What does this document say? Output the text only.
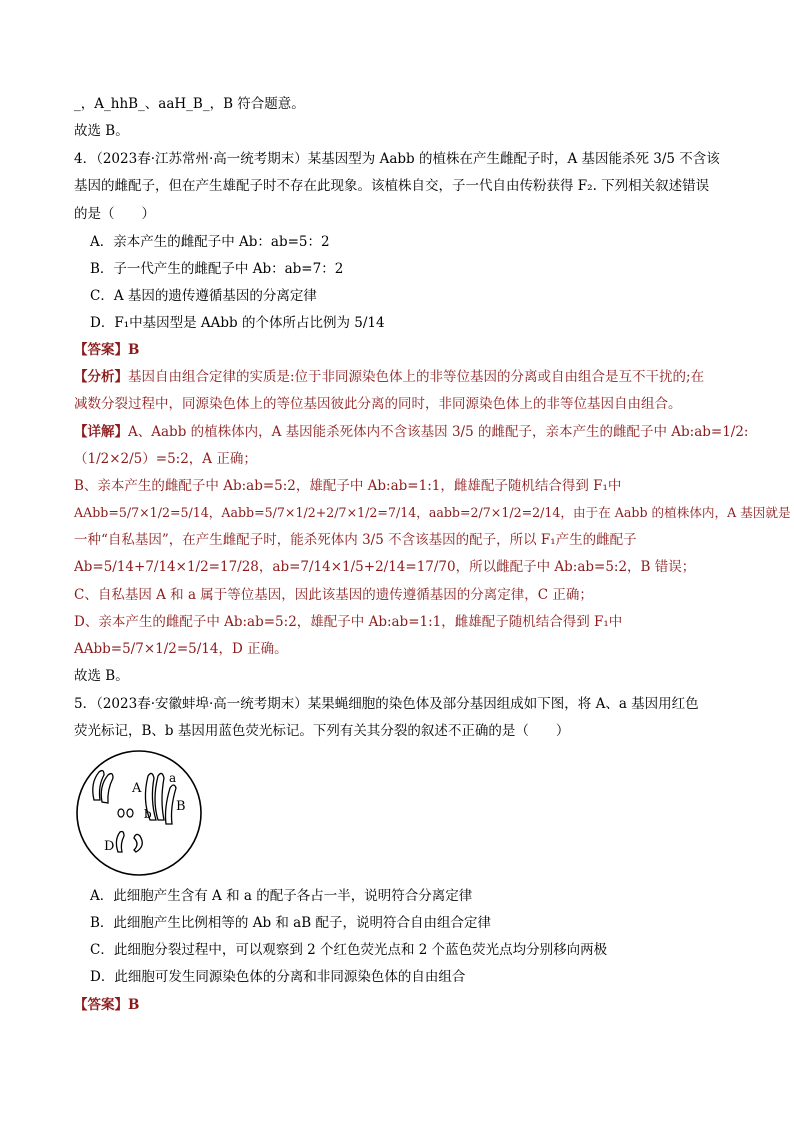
_，A_hhB_、aaH_B_，B 符合题意。
故选 B。
4．（2023春·江苏常州·高一统考期末）某基因型为 Aabb 的植株在产生雌配子时，A 基因能杀死 3/5 不含该
基因的雌配子，但在产生雄配子时不存在此现象。该植株自交，子一代自由传粉获得 F₂. 下列相关叙述错误
的是（　　）
A．亲本产生的雌配子中 Ab：ab=5：2
B．子一代产生的雌配子中 Ab：ab=7：2
C．A 基因的遗传遵循基因的分离定律
D．F₁中基因型是 AAbb 的个体所占比例为 5/14
【答案】B
【分析】基因自由组合定律的实质是:位于非同源染色体上的非等位基因的分离或自由组合是互不干扰的;在
减数分裂过程中，同源染色体上的等位基因彼此分离的同时，非同源染色体上的非等位基因自由组合。
【详解】A、Aabb 的植株体内，A 基因能杀死体内不含该基因 3/5 的雌配子，亲本产生的雌配子中 Ab:ab=1/2:
（1/2×2/5）=5:2，A 正确；
B、亲本产生的雌配子中 Ab:ab=5:2，雄配子中 Ab:ab=1:1，雌雄配子随机结合得到 F₁中
AAbb=5/7×1/2=5/14，Aabb=5/7×1/2+2/7×1/2=7/14，aabb=2/7×1/2=2/14，由于在 Aabb 的植株体内，A 基因就是
一种“自私基因”，在产生雌配子时，能杀死体内 3/5 不含该基因的配子，所以 F₁产生的雌配子
Ab=5/14+7/14×1/2=17/28，ab=7/14×1/5+2/14=17/70，所以雌配子中 Ab:ab=5:2，B 错误；
C、自私基因 A 和 a 属于等位基因，因此该基因的遗传遵循基因的分离定律，C 正确；
D、亲本产生的雌配子中 Ab:ab=5:2，雄配子中 Ab:ab=1:1，雌雄配子随机结合得到 F₁中
AAbb=5/7×1/2=5/14，D 正确。
故选 B。
5．（2023春·安徽蚌埠·高一统考期末）某果蝇细胞的染色体及部分基因组成如下图，将 A、a 基因用红色
荧光标记，B、b 基因用蓝色荧光标记。下列有关其分裂的叙述不正确的是（　　）
A
a
B
b
D
A．此细胞产生含有 A 和 a 的配子各占一半，说明符合分离定律
B．此细胞产生比例相等的 Ab 和 aB 配子，说明符合自由组合定律
C．此细胞分裂过程中，可以观察到 2 个红色荧光点和 2 个蓝色荧光点均分别移向两极
D．此细胞可发生同源染色体的分离和非同源染色体的自由组合
【答案】B
